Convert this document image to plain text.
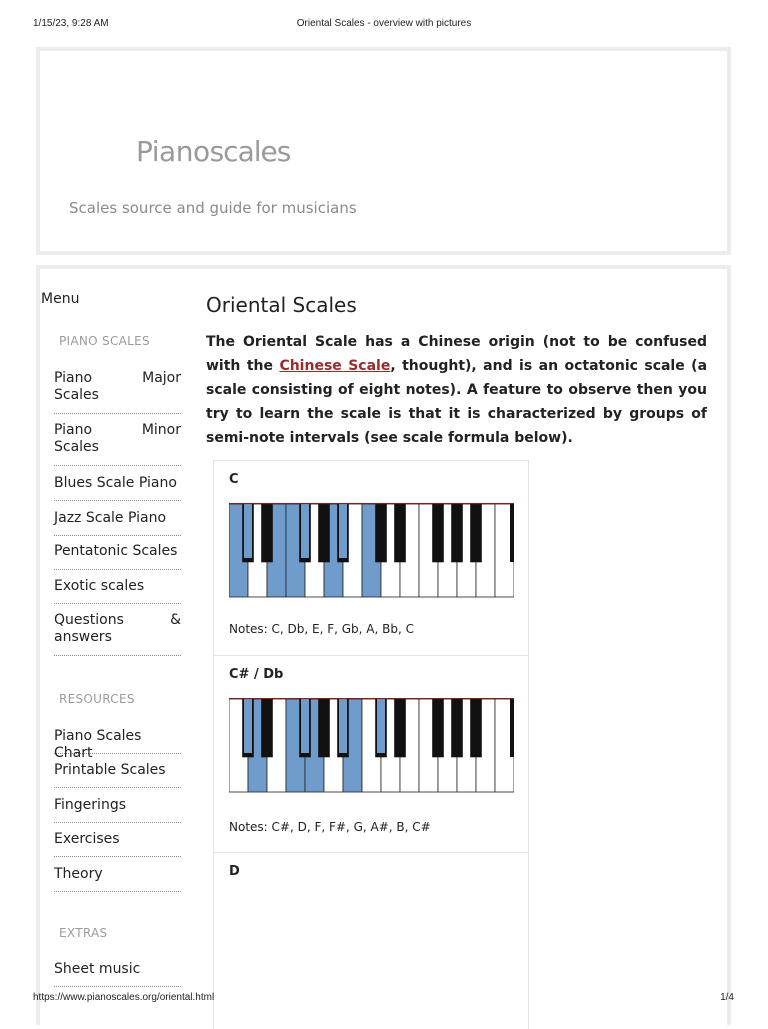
1/15/23, 9:28 AM	Oriental Scales - overview with pictures
Pianoscales
Scales source and guide for musicians
Menu
PIANO SCALES
Piano Major Scales
Piano Minor Scales
Blues Scale Piano
Jazz Scale Piano
Pentatonic Scales
Exotic scales
Questions & answers
RESOURCES
Piano Scales Chart
Printable Scales
Fingerings
Exercises
Theory
EXTRAS
Sheet music
Oriental Scales
The Oriental Scale has a Chinese origin (not to be confused with the Chinese Scale, thought), and is an octatonic scale (a scale consisting of eight notes). A feature to observe then you try to learn the scale is that it is characterized by groups of semi-note intervals (see scale formula below).
C
Notes: C, Db, E, F, Gb, A, Bb, C
C# / Db
Notes: C#, D, F, F#, G, A#, B, C#
D
https://www.pianoscales.org/oriental.html	1/4
